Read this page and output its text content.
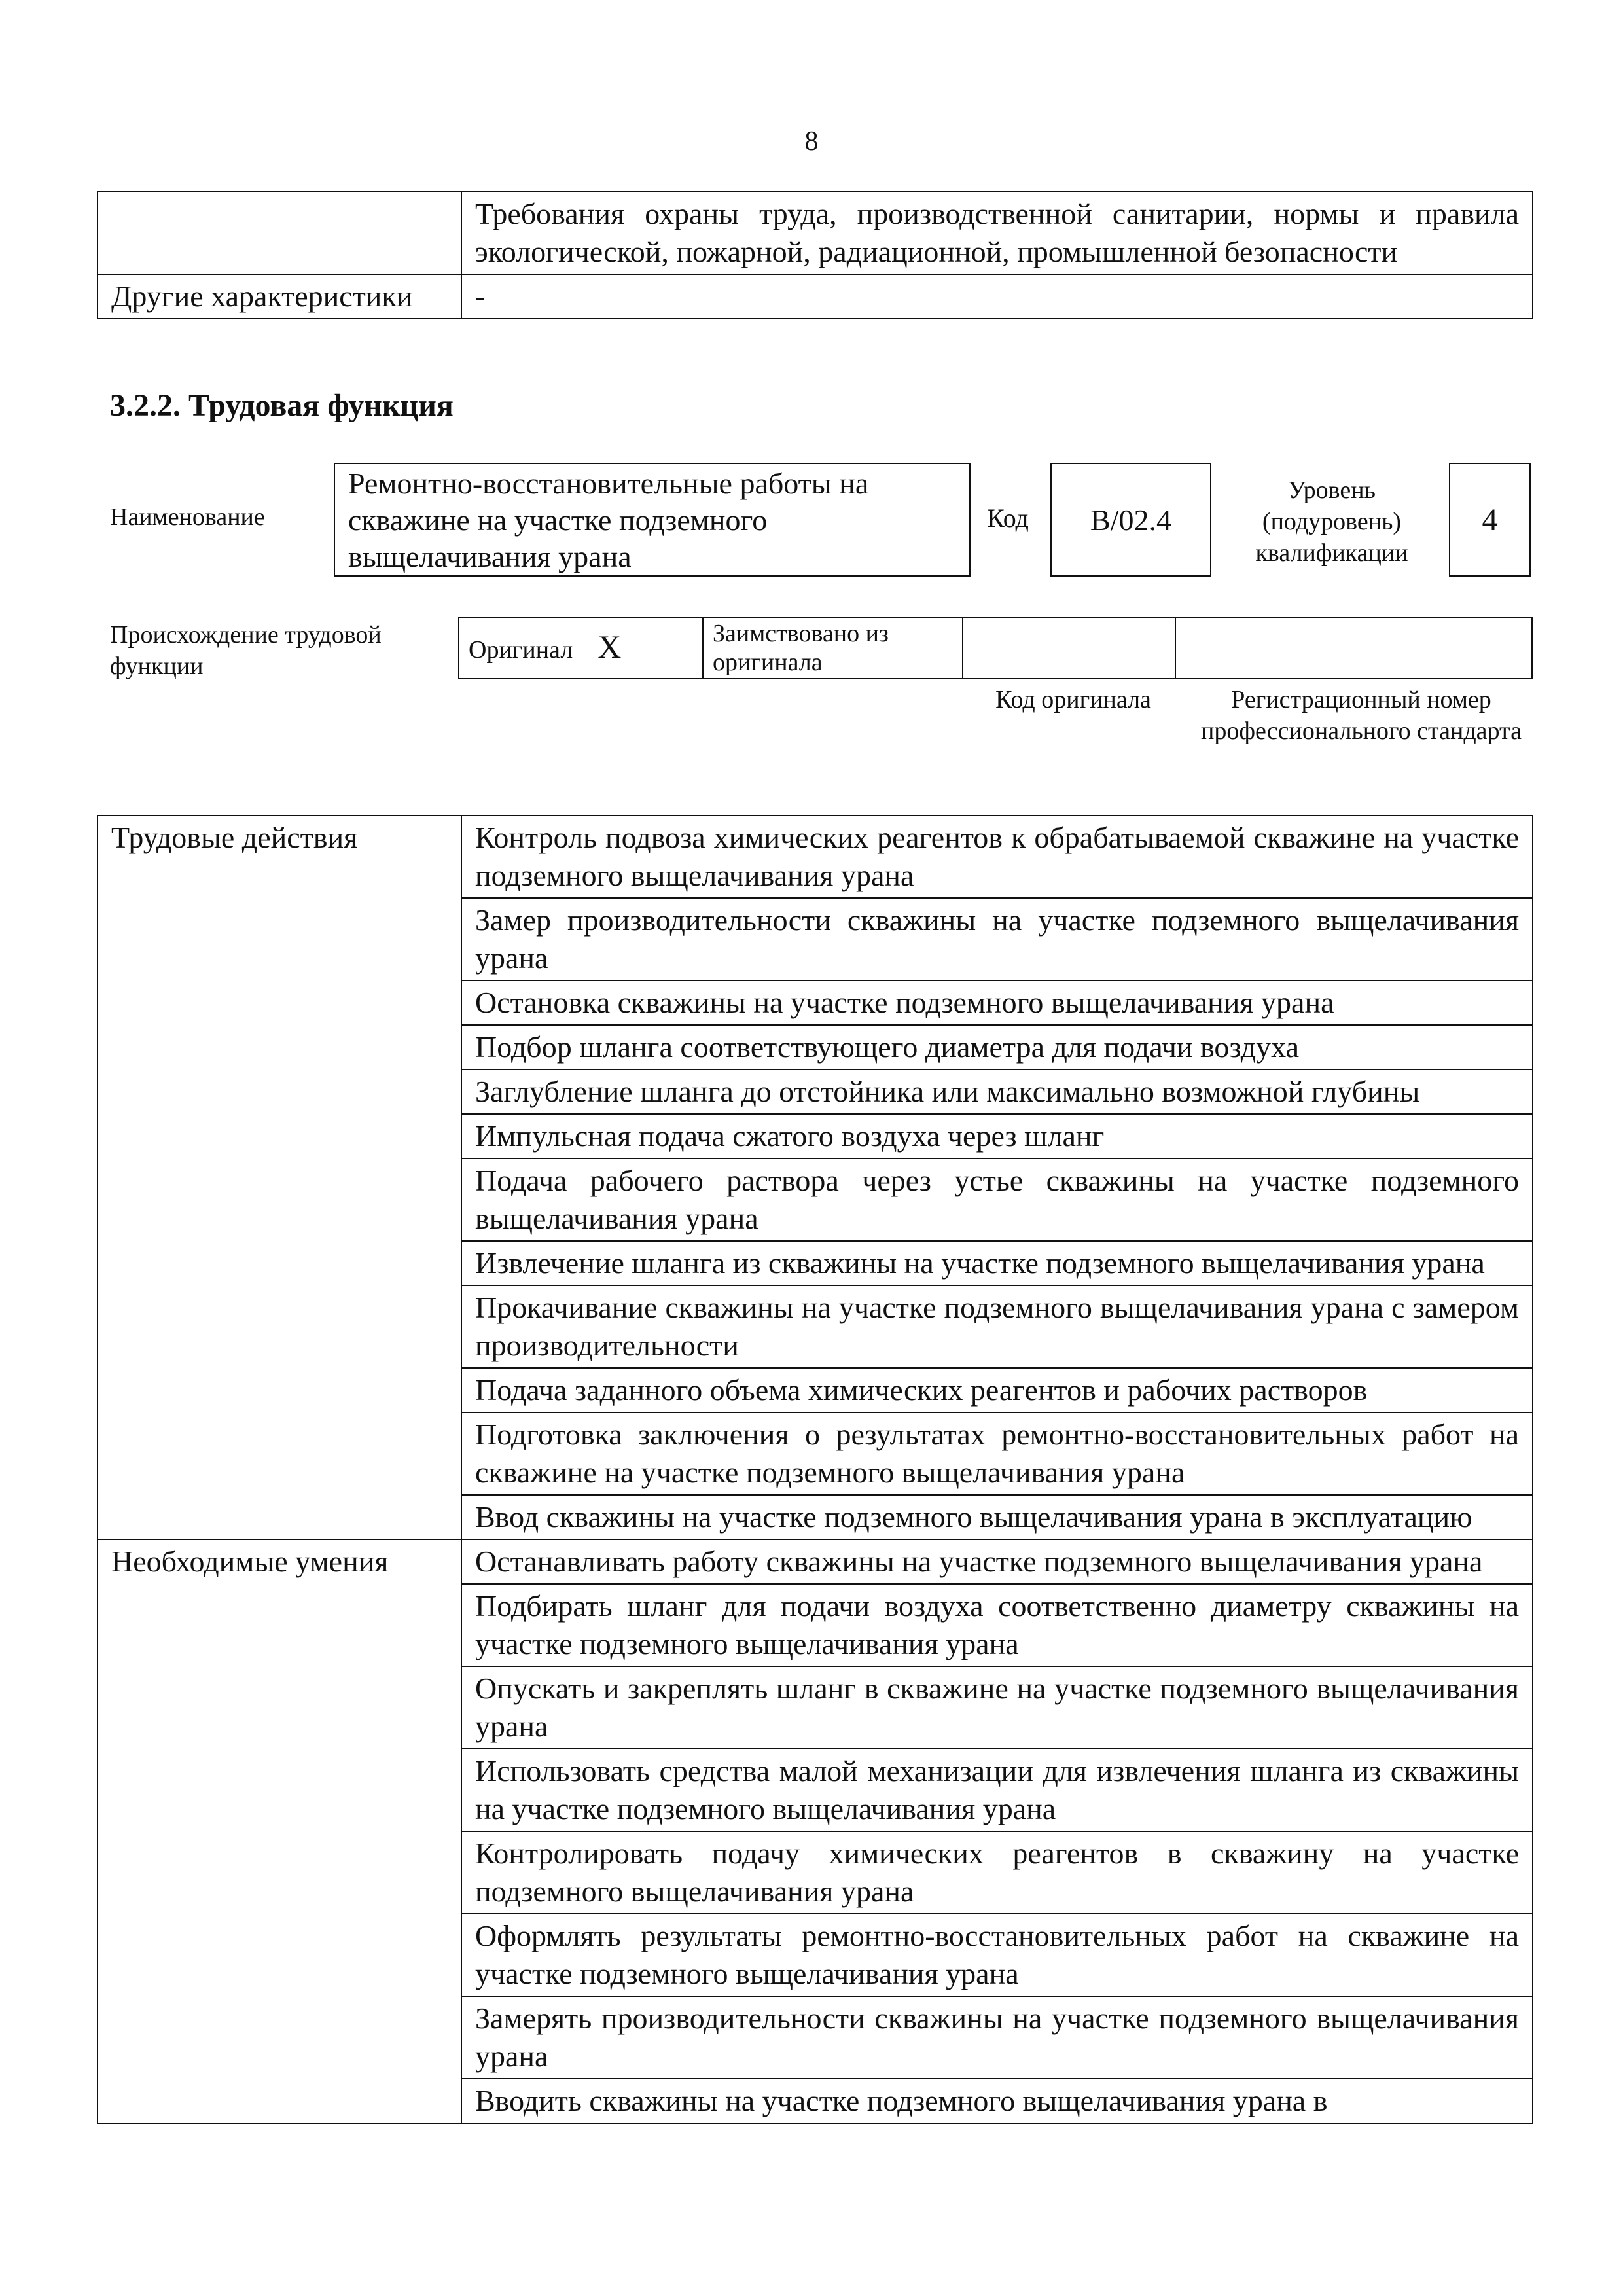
8
	Требования охраны труда, производственной санитарии, нормы и правила экологической, пожарной, радиационной, промышленной безопасности
Другие характеристики	-
3.2.2. Трудовая функция
Наименование
Ремонтно-восстановительные работы на скважине на участке подземного выщелачивания урана
Код	B/02.4
Уровень (подуровень) квалификации
4
Происхождение трудовой функции
Оригинал X	Заимствовано из оригинала		
Код оригинала	Регистрационный номер профессионального стандарта
Трудовые действия	Контроль подвоза химических реагентов к обрабатываемой скважине на участке подземного выщелачивания урана
	Замер производительности скважины на участке подземного выщелачивания урана
	Остановка скважины на участке подземного выщелачивания урана
	Подбор шланга соответствующего диаметра для подачи воздуха
	Заглубление шланга до отстойника или максимально возможной глубины
	Импульсная подача сжатого воздуха через шланг
	Подача рабочего раствора через устье скважины на участке подземного выщелачивания урана
	Извлечение шланга из скважины на участке подземного выщелачивания урана
	Прокачивание скважины на участке подземного выщелачивания урана с замером производительности
	Подача заданного объема химических реагентов и рабочих растворов
	Подготовка заключения о результатах ремонтно-восстановительных работ на скважине на участке подземного выщелачивания урана
	Ввод скважины на участке подземного выщелачивания урана в эксплуатацию
Необходимые умения	Останавливать работу скважины на участке подземного выщелачивания урана
	Подбирать шланг для подачи воздуха соответственно диаметру скважины на участке подземного выщелачивания урана
	Опускать и закреплять шланг в скважине на участке подземного выщелачивания урана
	Использовать средства малой механизации для извлечения шланга из скважины на участке подземного выщелачивания урана
	Контролировать подачу химических реагентов в скважину на участке подземного выщелачивания урана
	Оформлять результаты ремонтно-восстановительных работ на скважине на участке подземного выщелачивания урана
	Замерять производительности скважины на участке подземного выщелачивания урана
	Вводить скважины на участке подземного выщелачивания урана в
